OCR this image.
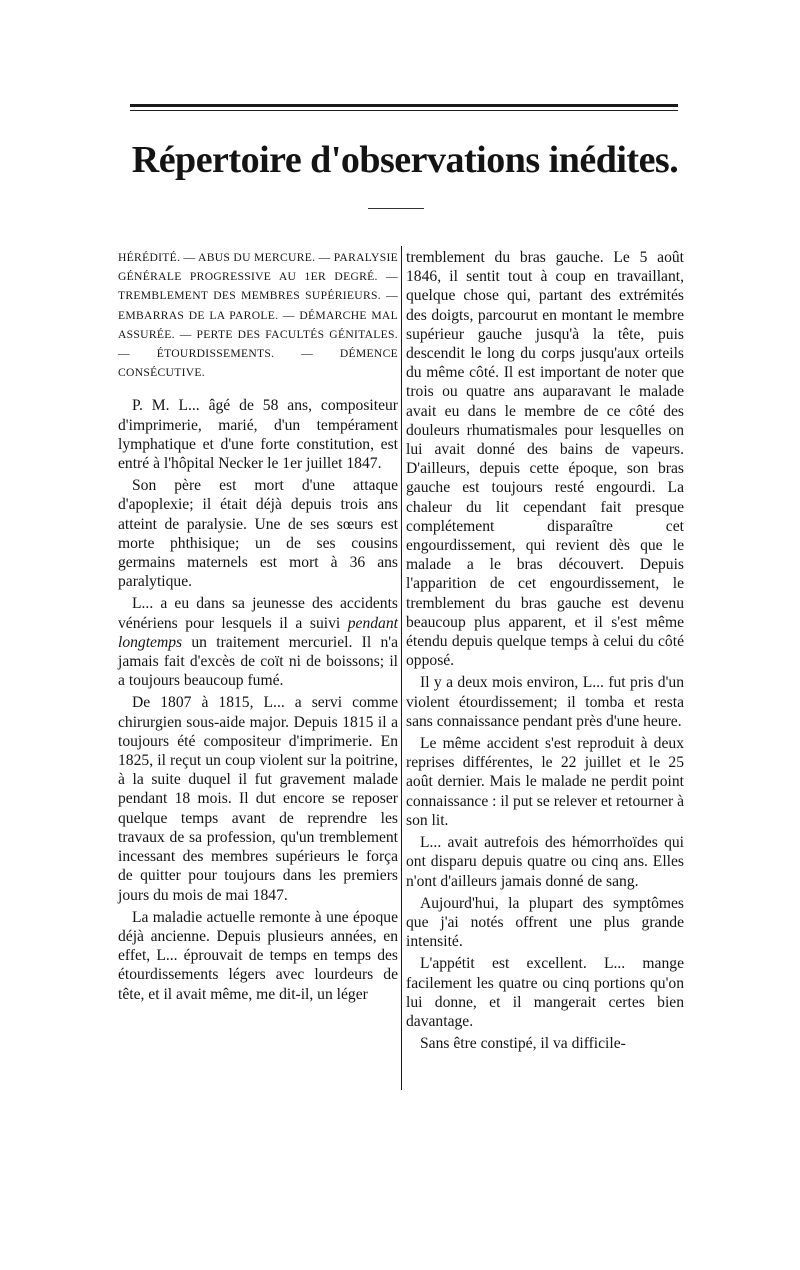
Répertoire d'observations inédites.
HÉRÉDITÉ. — ABUS DU MERCURE. — PARALYSIE GÉNÉRALE PROGRESSIVE AU 1ER DEGRÉ. — TREMBLEMENT DES MEMBRES SUPÉRIEURS. — EMBARRAS DE LA PAROLE. — DÉMARCHE MAL ASSURÉE. — PERTE DES FACULTÉS GÉNITALES. — ÉTOURDISSEMENTS. — DÉMENCE CONSÉCUTIVE.

P. M. L... âgé de 58 ans, compositeur d'imprimerie, marié, d'un tempérament lymphatique et d'une forte constitution, est entré à l'hôpital Necker le 1er juillet 1847.

Son père est mort d'une attaque d'apoplexie; il était déjà depuis trois ans atteint de paralysie. Une de ses sœurs est morte phthisique; un de ses cousins germains maternels est mort à 36 ans paralytique.

L... a eu dans sa jeunesse des accidents vénériens pour lesquels il a suivi pendant longtemps un traitement mercuriel. Il n'a jamais fait d'excès de coït ni de boissons; il a toujours beaucoup fumé.

De 1807 à 1815, L... a servi comme chirurgien sous-aide major. Depuis 1815 il a toujours été compositeur d'imprimerie. En 1825, il reçut un coup violent sur la poitrine, à la suite duquel il fut gravement malade pendant 18 mois. Il dut encore se reposer quelque temps avant de reprendre les travaux de sa profession, qu'un tremblement incessant des membres supérieurs le força de quitter pour toujours dans les premiers jours du mois de mai 1847.

La maladie actuelle remonte à une époque déjà ancienne. Depuis plusieurs années, en effet, L... éprouvait de temps en temps des étourdissements légers avec lourdeurs de tête, et il avait même, me dit-il, un léger

tremblement du bras gauche. Le 5 août 1846, il sentit tout à coup en travaillant, quelque chose qui, partant des extrémités des doigts, parcourut en montant le membre supérieur gauche jusqu'à la tête, puis descendit le long du corps jusqu'aux orteils du même côté. Il est important de noter que trois ou quatre ans auparavant le malade avait eu dans le membre de ce côté des douleurs rhumatismales pour lesquelles on lui avait donné des bains de vapeurs. D'ailleurs, depuis cette époque, son bras gauche est toujours resté engourdi. La chaleur du lit cependant fait presque complétement disparaître cet engourdissement, qui revient dès que le malade a le bras découvert. Depuis l'apparition de cet engourdissement, le tremblement du bras gauche est devenu beaucoup plus apparent, et il s'est même étendu depuis quelque temps à celui du côté opposé.

Il y a deux mois environ, L... fut pris d'un violent étourdissement; il tomba et resta sans connaissance pendant près d'une heure.

Le même accident s'est reproduit à deux reprises différentes, le 22 juillet et le 25 août dernier. Mais le malade ne perdit point connaissance : il put se relever et retourner à son lit.

L... avait autrefois des hémorrhoïdes qui ont disparu depuis quatre ou cinq ans. Elles n'ont d'ailleurs jamais donné de sang.

Aujourd'hui, la plupart des symptômes que j'ai notés offrent une plus grande intensité.

L'appétit est excellent. L... mange facilement les quatre ou cinq portions qu'on lui donne, et il mangerait certes bien davantage.

Sans être constipé, il va difficile-
